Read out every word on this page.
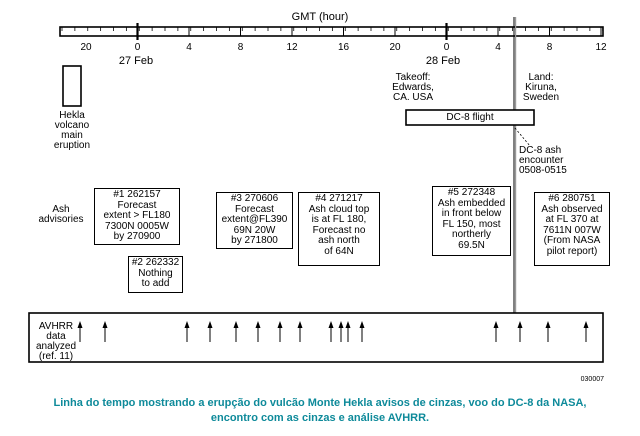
GMT (hour)
20	0	4	8	12	16	20	0	4	8	12
27 Feb	28 Feb
Hekla
volcano
main
eruption
Takeoff:
Edwards,
CA. USA
Land:
Kiruna,
Sweden
DC-8 flight
DC-8 ash
encounter
0508-0515
Ash
advisories
#1 262157
Forecast
extent > FL180
7300N 0005W
by 270900
#2 262332
Nothing
to add
#3 270606
Forecast
extent@FL390
69N 20W
by 271800
#4 271217
Ash cloud top
is at FL 180,
Forecast no
ash north
of 64N
#5 272348
Ash embedded
in front below
FL 150, most
northerly
69.5N
#6 280751
Ash observed
at FL 370 at
7611N 007W
(From NASA
pilot report)
AVHRR
data
analyzed
(ref. 11)
030007
Linha do tempo mostrando a erupção do vulcão Monte Hekla avisos de cinzas, voo do DC-8 da NASA,
encontro com as cinzas e análise AVHRR.
